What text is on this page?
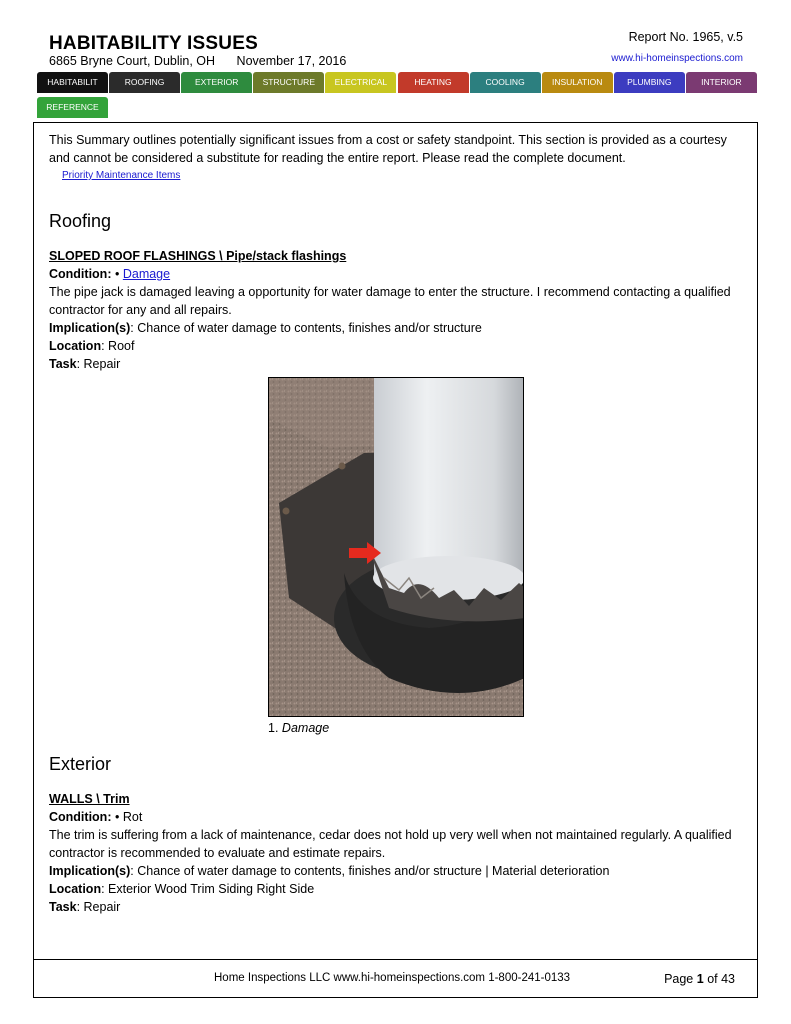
HABITABILITY ISSUES
6865 Bryne Court, Dublin, OH November 17, 2016
Report No. 1965, v.5
www.hi-homeinspections.com
HABITABILIT	ROOFING	EXTERIOR	STRUCTURE	ELECTRICAL	HEATING	COOLING	INSULATION	PLUMBING	INTERIOR
REFERENCE
This Summary outlines potentially significant issues from a cost or safety standpoint. This section is provided as a courtesy and cannot be considered a substitute for reading the entire report. Please read the complete document.
Priority Maintenance Items
Roofing
SLOPED ROOF FLASHINGS \ Pipe/stack flashings
Condition: • Damage
The pipe jack is damaged leaving a opportunity for water damage to enter the structure. I recommend contacting a qualified contractor for any and all repairs.
Implication(s): Chance of water damage to contents, finishes and/or structure
Location: Roof
Task: Repair
1. Damage
Exterior
WALLS \ Trim
Condition: • Rot
The trim is suffering from a lack of maintenance, cedar does not hold up very well when not maintained regularly. A qualified contractor is recommended to evaluate and estimate repairs.
Implication(s): Chance of water damage to contents, finishes and/or structure | Material deterioration
Location: Exterior Wood Trim Siding Right Side
Task: Repair
Home Inspections LLC www.hi-homeinspections.com 1-800-241-0133	Page 1 of 43
